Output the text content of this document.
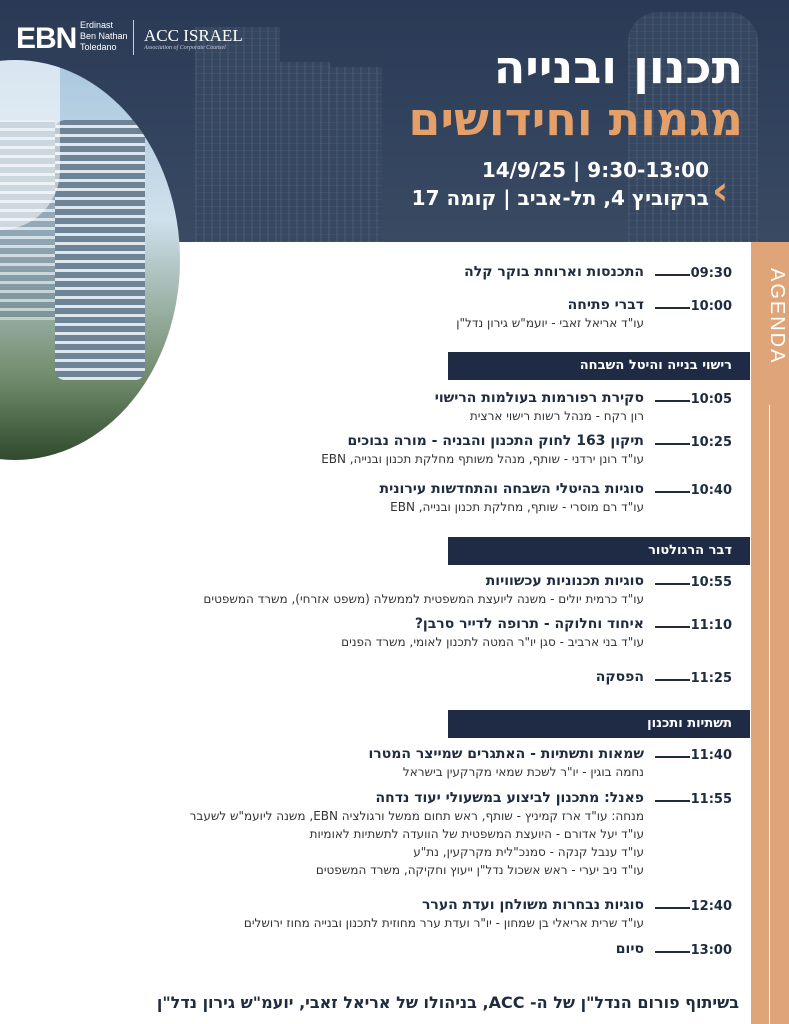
EBN Erdinast
Ben Nathan
Toledano
ACC ISRAEL
Association of Corporate Counsel	תכנון ובנייה
מגמות וחידושים
‹
9:30-13:00 | 14/9/25
ברקוביץ 4, תל-אביב | קומה 17
AGENDA
09:30
התכנסות וארוחת בוקר קלה
10:00
דברי פתיחה
עו"ד אריאל זאבי - יועמ"ש גירון נדל"ן
רישוי בנייה והיטל השבחה
10:05
סקירת רפורמות בעולמות הרישוי
רון רקח - מנהל רשות רישוי ארצית
10:25
תיקון 163 לחוק התכנון והבניה - מורה נבוכים
עו"ד רונן ירדני - שותף, מנהל משותף מחלקת תכנון ובנייה, EBN
10:40
סוגיות בהיטלי השבחה והתחדשות עירונית
עו"ד רם מוסרי - שותף, מחלקת תכנון ובנייה, EBN
דבר הרגולטור
10:55
סוגיות תכנוניות עכשוויות
עו"ד כרמית יולים - משנה ליועצת המשפטית לממשלה (משפט אזרחי), משרד המשפטים
11:10
איחוד וחלוקה - תרופה לדייר סרבן?
עו"ד בני ארביב - סגן יו"ר המטה לתכנון לאומי, משרד הפנים
11:25
הפסקה
תשתיות ותכנון
11:40
שמאות ותשתיות - האתגרים שמייצר המטרו
נחמה בוגין - יו"ר לשכת שמאי מקרקעין בישראל
11:55
פאנל: מתכנון לביצוע במשעולי יעוד נדחה
מנחה: עו"ד ארז קמיניץ - שותף, ראש תחום ממשל ורגולציה EBN, משנה ליועמ"ש לשעבר
עו"ד יעל אדורם - היועצת המשפטית של הוועדה לתשתיות לאומיות
עו"ד ענבל קנקה - סמנכ"לית מקרקעין, נת"ע
עו"ד ניב יערי - ראש אשכול נדל"ן ייעוץ וחקיקה, משרד המשפטים
12:40
סוגיות נבחרות משולחן ועדת הערר
עו"ד שרית אריאלי בן שמחון - יו"ר ועדת ערר מחוזית לתכנון ובנייה מחוז ירושלים
13:00
סיום
בשיתוף פורום הנדל"ן של ה- ACC, בניהולו של אריאל זאבי, יועמ"ש גירון נדל"ן
